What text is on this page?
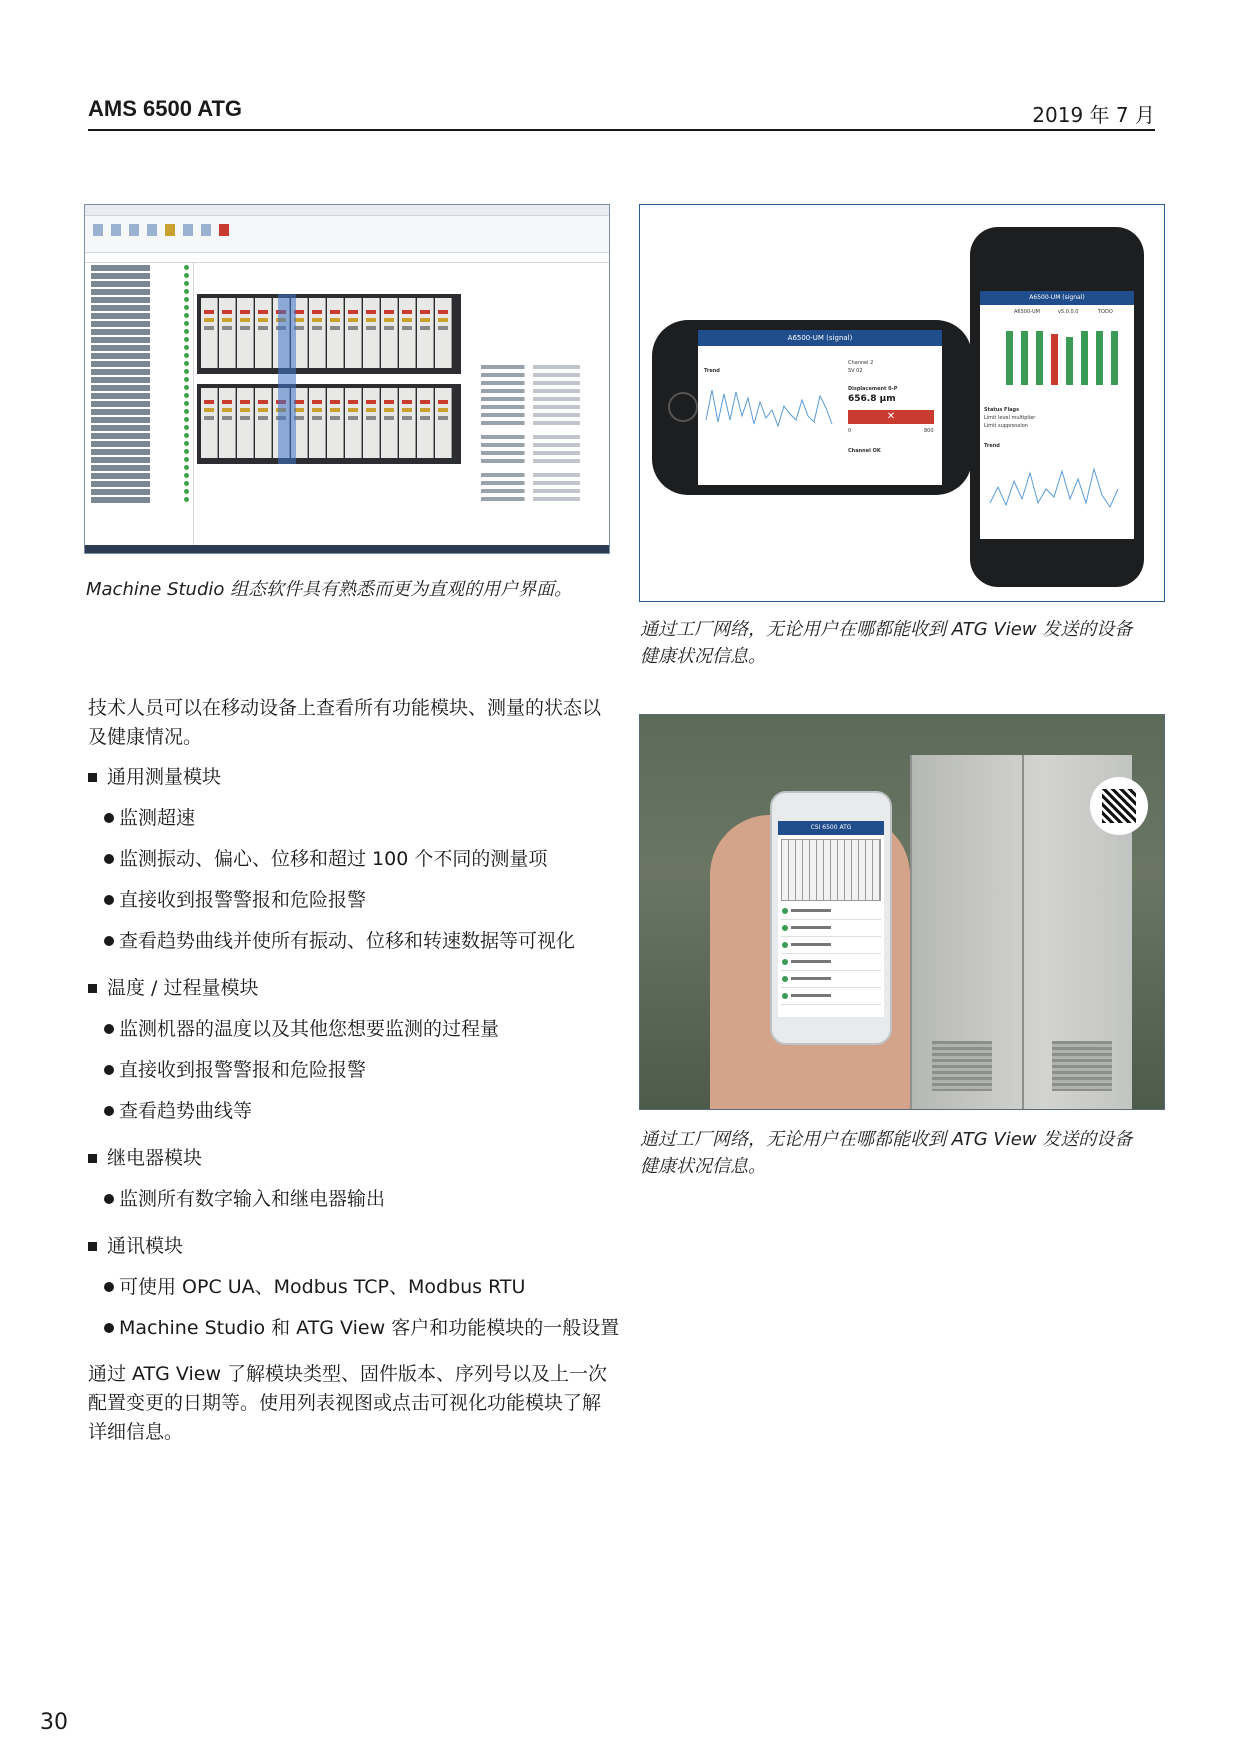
AMS 6500 ATG	2019 年 7 月
Machine Studio 组态软件具有熟悉而更为直观的用户界面。
A6500-UM (signal)
Trend
Channel 2
SV 02
Displacement 0-P
656.8 µm
✕
0	800
Channel OK
A6500-UM (signal)
A6500-UM	v5.0.0.0	TODO
Status Flags
Limit level multiplier
Limit suppression
Trend
通过工厂网络，无论用户在哪都能收到 ATG View 发送的设备
健康状况信息。
CSI 6500 ATG
通过工厂网络，无论用户在哪都能收到 ATG View 发送的设备
健康状况信息。
技术人员可以在移动设备上查看所有功能模块、测量的状态以
及健康情况。
通用测量模块
监测超速
监测振动、偏心、位移和超过 100 个不同的测量项
直接收到报警警报和危险报警
查看趋势曲线并使所有振动、位移和转速数据等可视化
温度 / 过程量模块
监测机器的温度以及其他您想要监测的过程量
直接收到报警警报和危险报警
查看趋势曲线等
继电器模块
监测所有数字输入和继电器输出
通讯模块
可使用 OPC UA、Modbus TCP、Modbus RTU
Machine Studio 和 ATG View 客户和功能模块的一般设置
通过 ATG View 了解模块类型、固件版本、序列号以及上一次
配置变更的日期等。使用列表视图或点击可视化功能模块了解
详细信息。
30
